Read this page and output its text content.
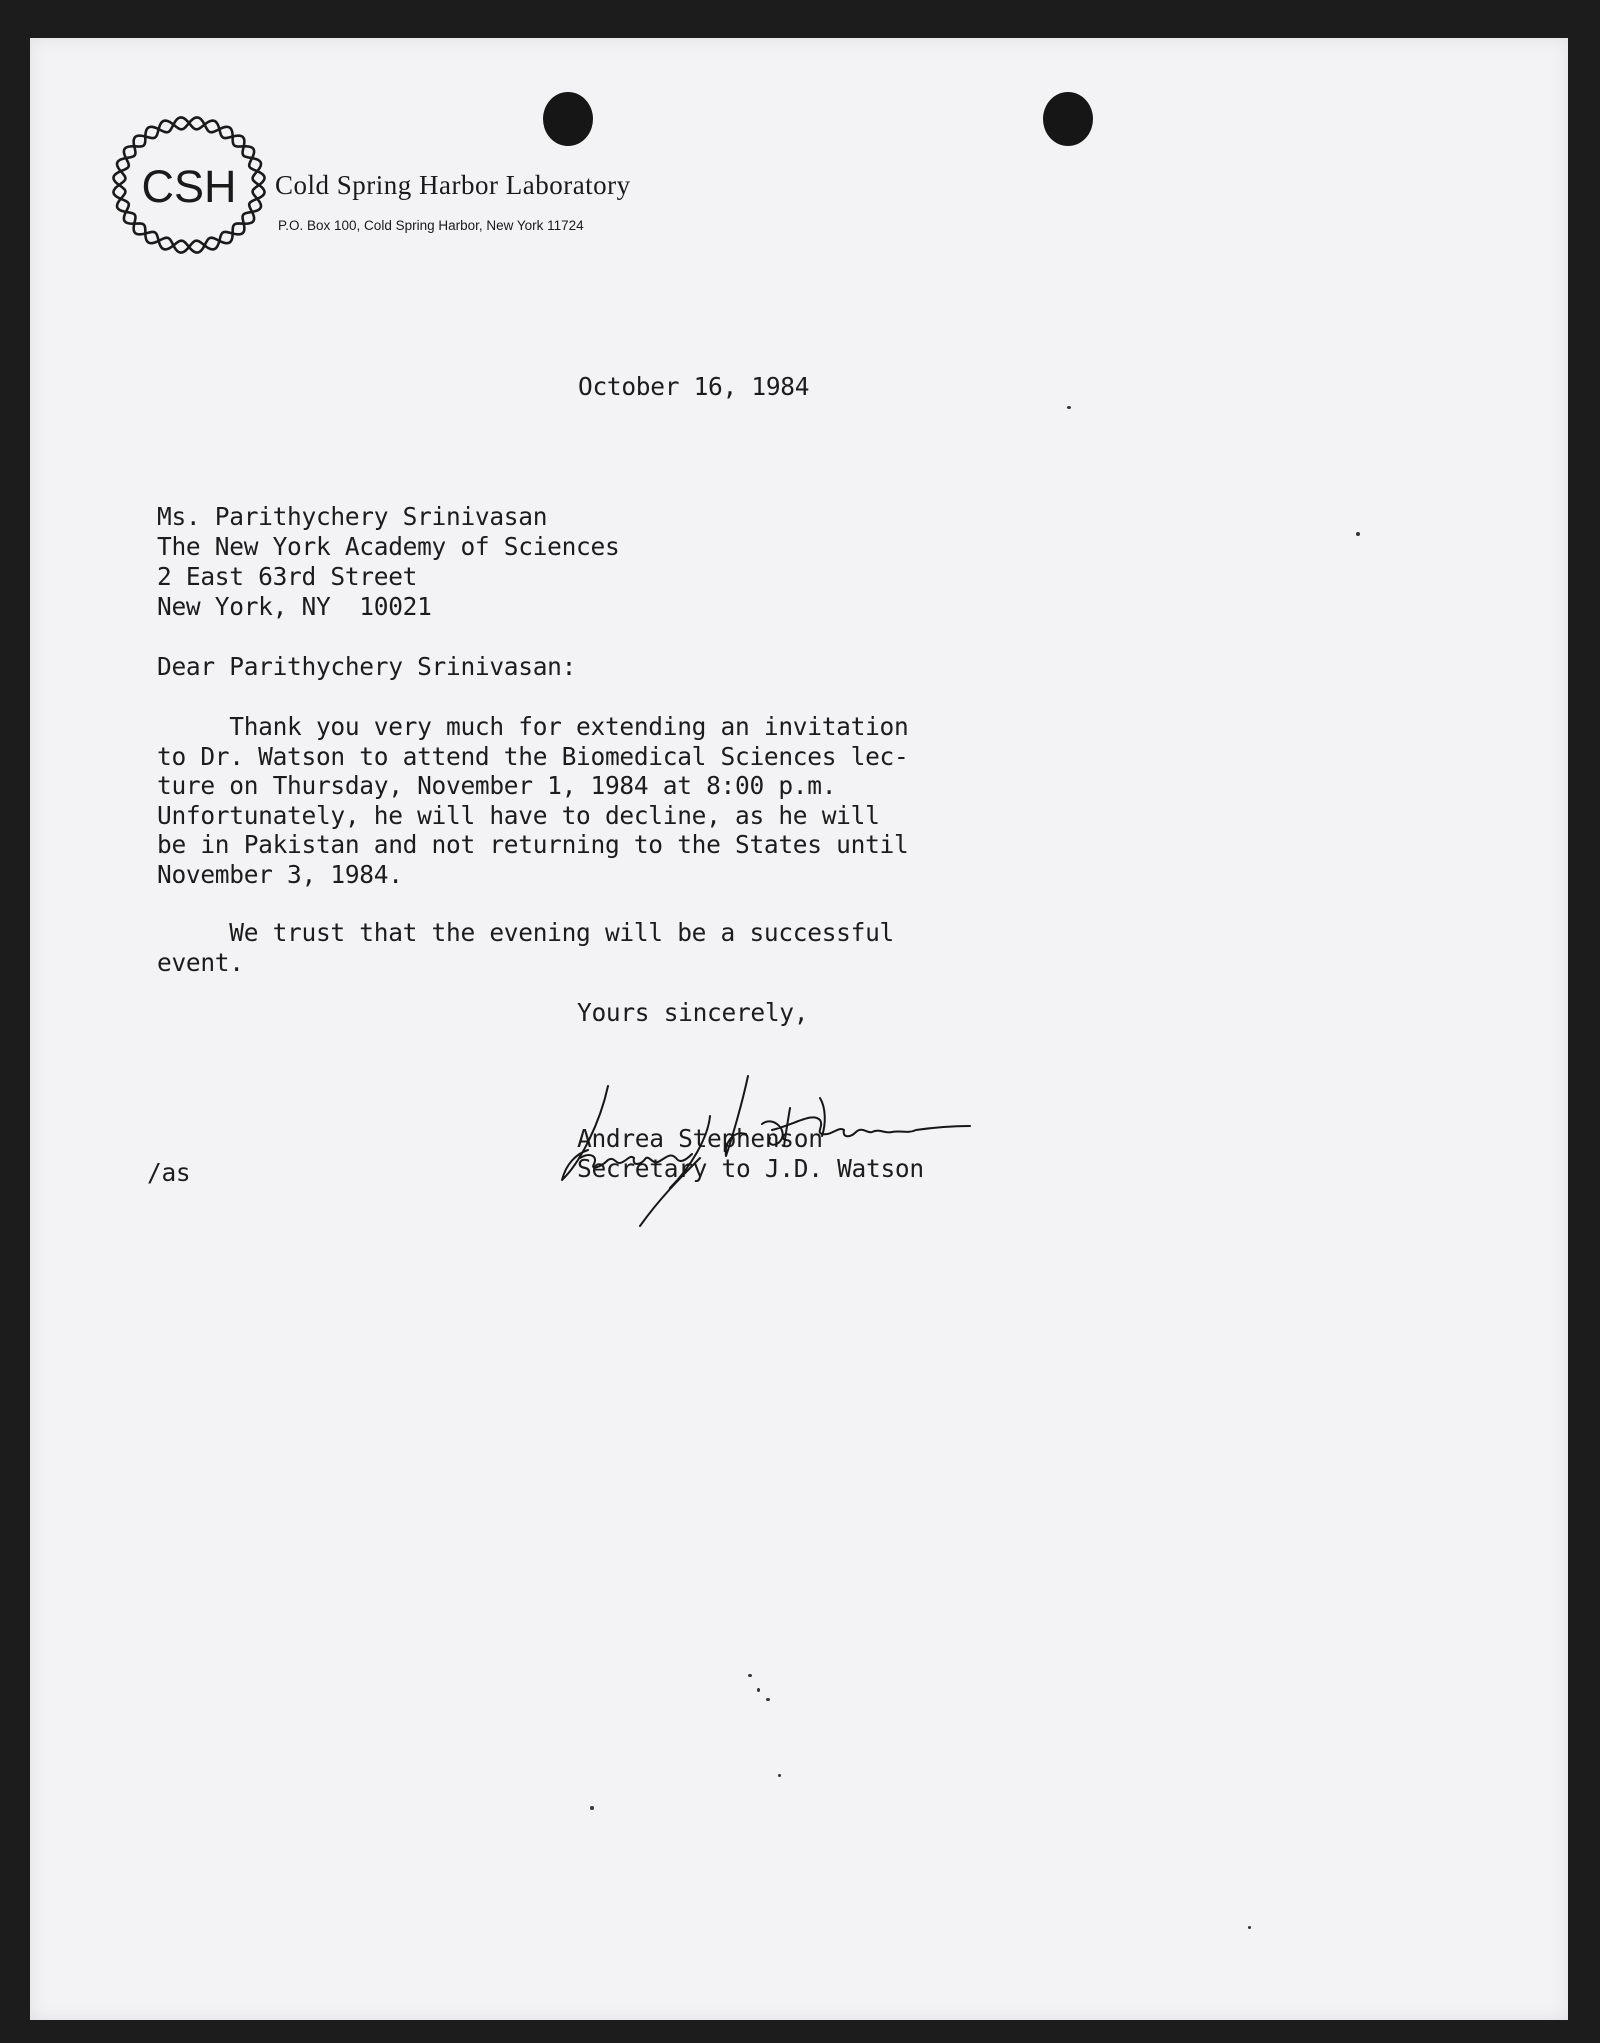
CSH Cold Spring Harbor Laboratory
P.O. Box 100, Cold Spring Harbor, New York 11724
October 16, 1984
Ms. Parithychery Srinivasan
The New York Academy of Sciences
2 East 63rd Street
New York, NY  10021
Dear Parithychery Srinivasan:
Thank you very much for extending an invitation
to Dr. Watson to attend the Biomedical Sciences lec-
ture on Thursday, November 1, 1984 at 8:00 p.m.
Unfortunately, he will have to decline, as he will
be in Pakistan and not returning to the States until
November 3, 1984.
We trust that the evening will be a successful
event.
Yours sincerely,
Andrea Stephenson
Secretary to J.D. Watson
/as
